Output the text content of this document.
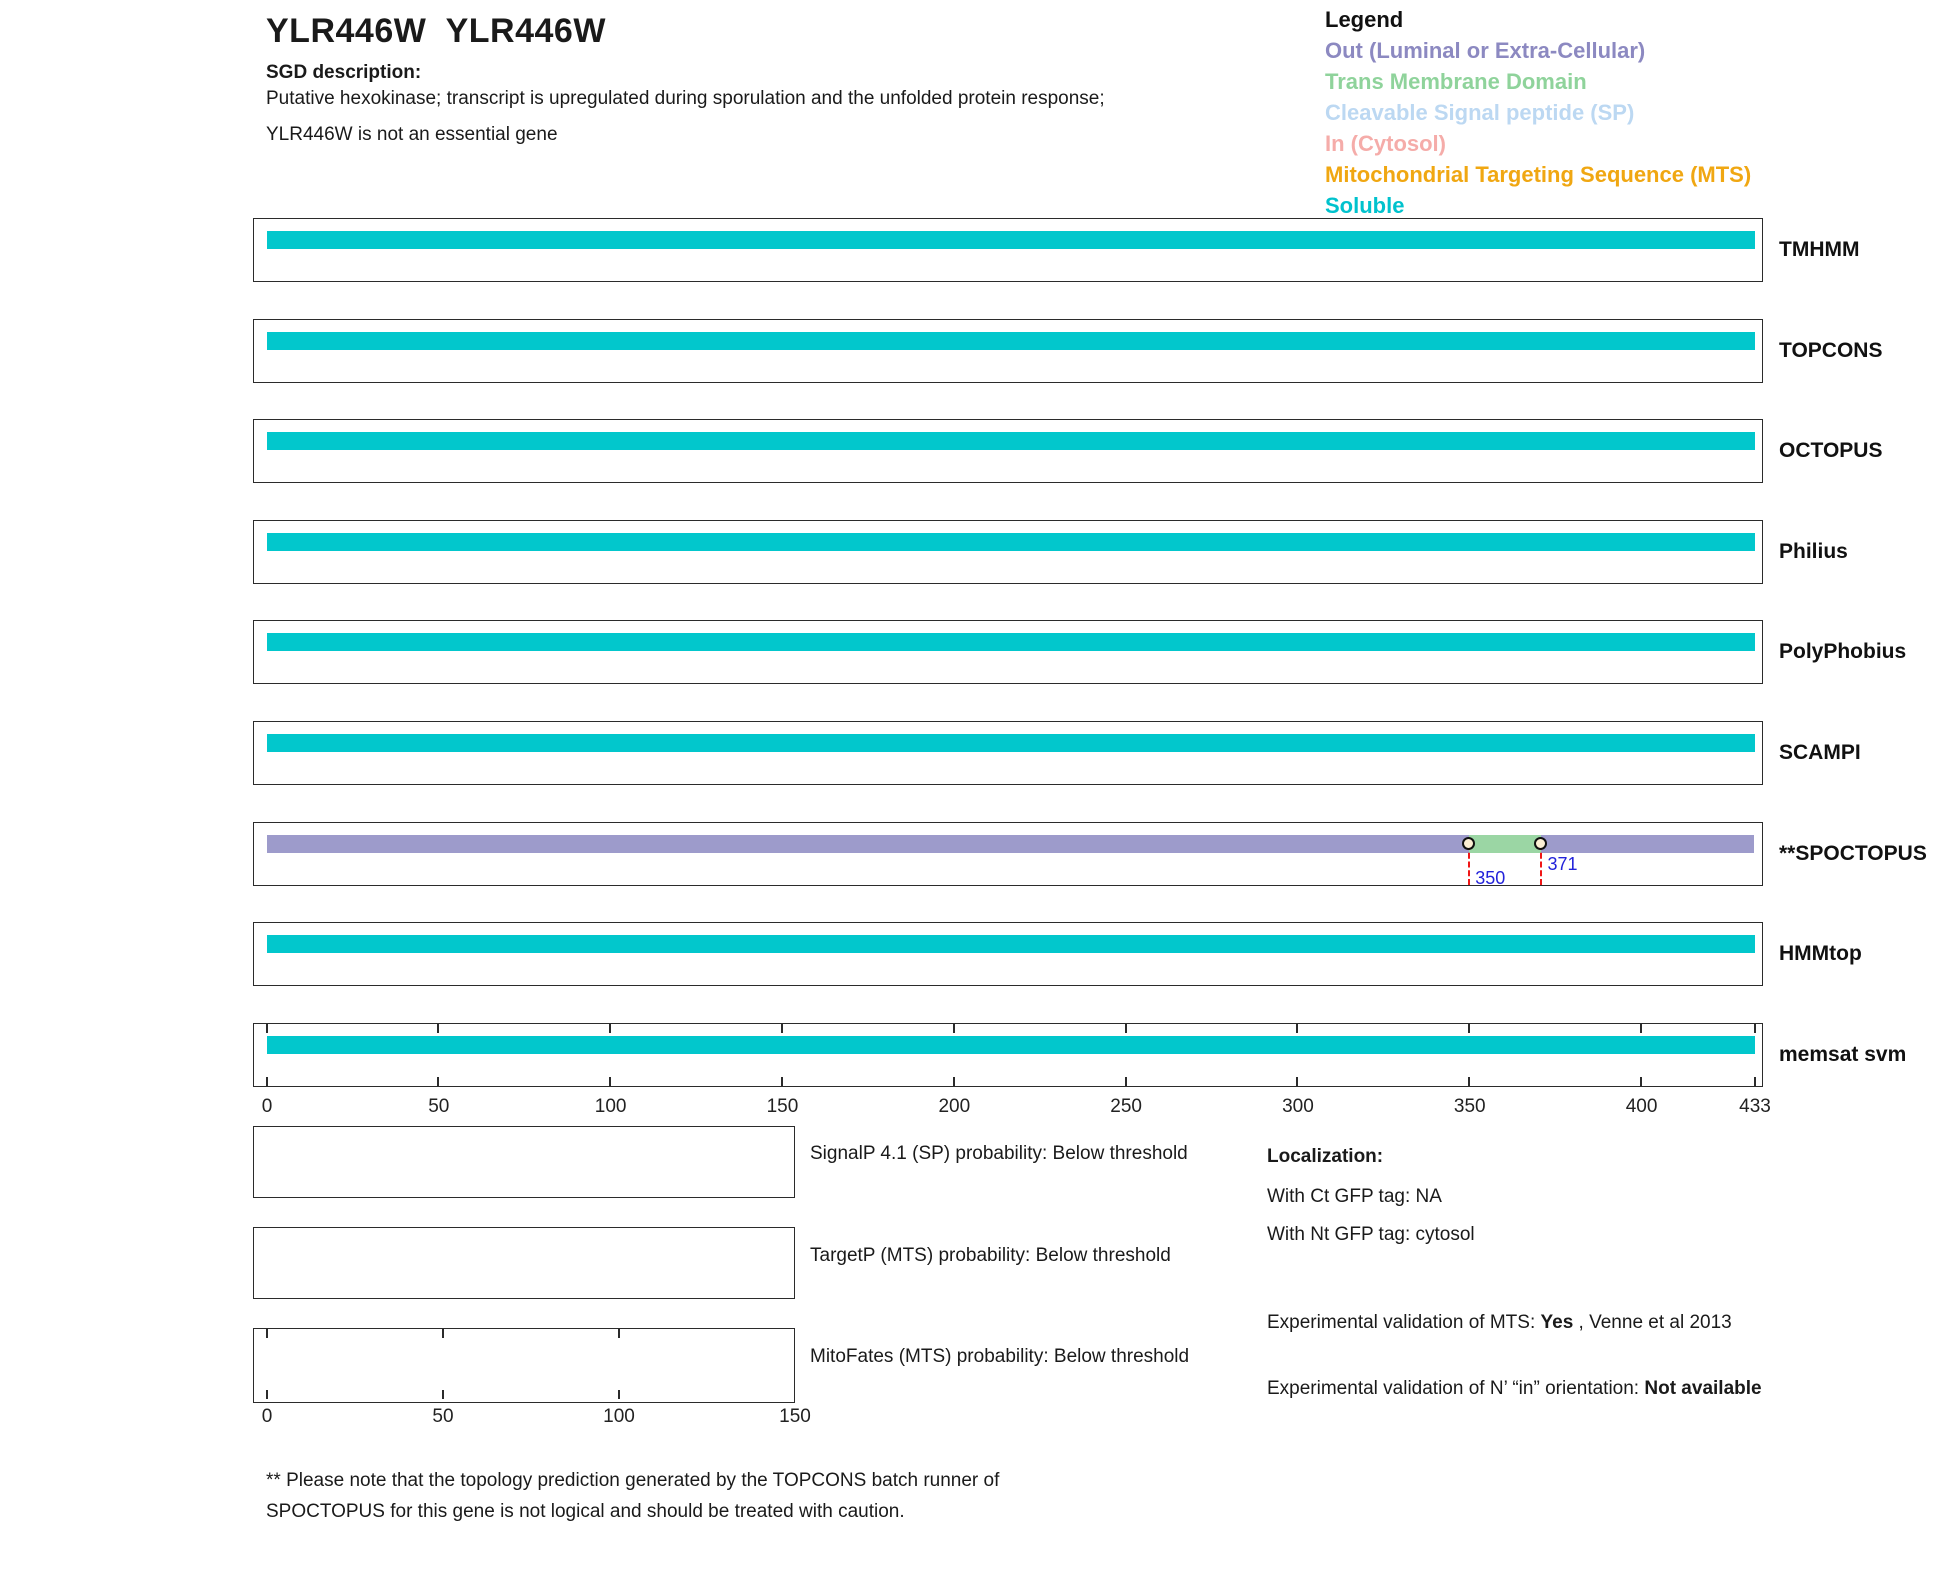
YLR446W  YLR446W
SGD description:
Putative hexokinase; transcript is upregulated during sporulation and the unfolded protein response;
YLR446W is not an essential gene
Legend
Out (Luminal or Extra-Cellular)
Trans Membrane Domain
Cleavable Signal peptide (SP)
In (Cytosol)
Mitochondrial Targeting Sequence (MTS)
Soluble
TMHMM
TOPCONS
OCTOPUS
Philius
PolyPhobius
SCAMPI
350
371	**SPOCTOPUS
HMMtop
memsat svm
0	50	100	150	200	250	300	350	400	433
0	50	100	150
SignalP 4.1 (SP) probability: Below threshold
TargetP (MTS) probability: Below threshold
MitoFates (MTS) probability: Below threshold
Localization:
With Ct GFP tag: NA
With Nt GFP tag: cytosol
Experimental validation of MTS: Yes , Venne et al 2013
Experimental validation of N’ “in” orientation: Not available
** Please note that the topology prediction generated by the TOPCONS batch runner of
SPOCTOPUS for this gene is not logical and should be treated with caution.
